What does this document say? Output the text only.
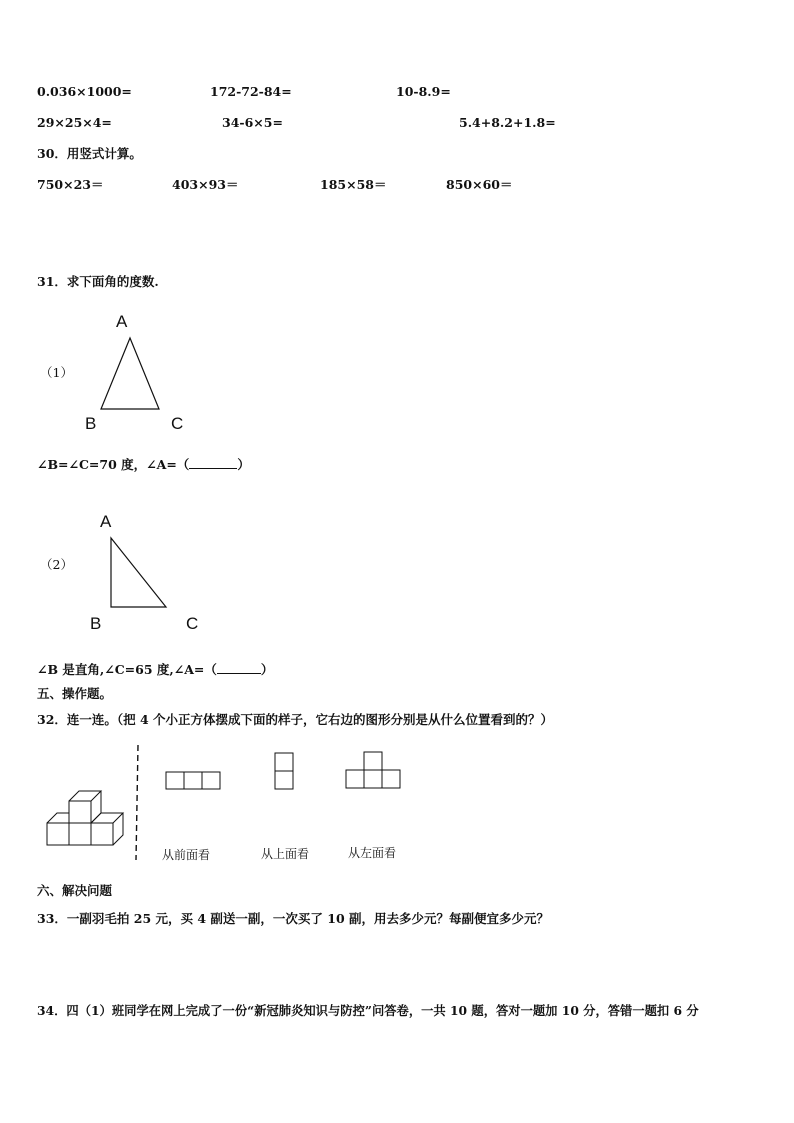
0.036×1000=	172-72-84=	10-8.9=
29×25×4=	34-6×5=	5.4+8.2+1.8=
30．用竖式计算。
750×23＝	403×93＝	185×58＝	850×60＝
31．求下面角的度数.
（1）
A
B	C
∠B=∠C=70 度，∠A=（	）
（2）
A
B	C
∠B 是直角,∠C=65 度,∠A=（	）
五、操作题。
32．连一连。（把 4 个小正方体摆成下面的样子，它右边的图形分别是从什么位置看到的？）
从前面看	从上面看	从左面看
六、解决问题
33．一副羽毛拍 25 元，买 4 副送一副，一次买了 10 副，用去多少元？每副便宜多少元？
34．四（1）班同学在网上完成了一份“新冠肺炎知识与防控”问答卷，一共 10 题，答对一题加 10 分，答错一题扣 6 分
